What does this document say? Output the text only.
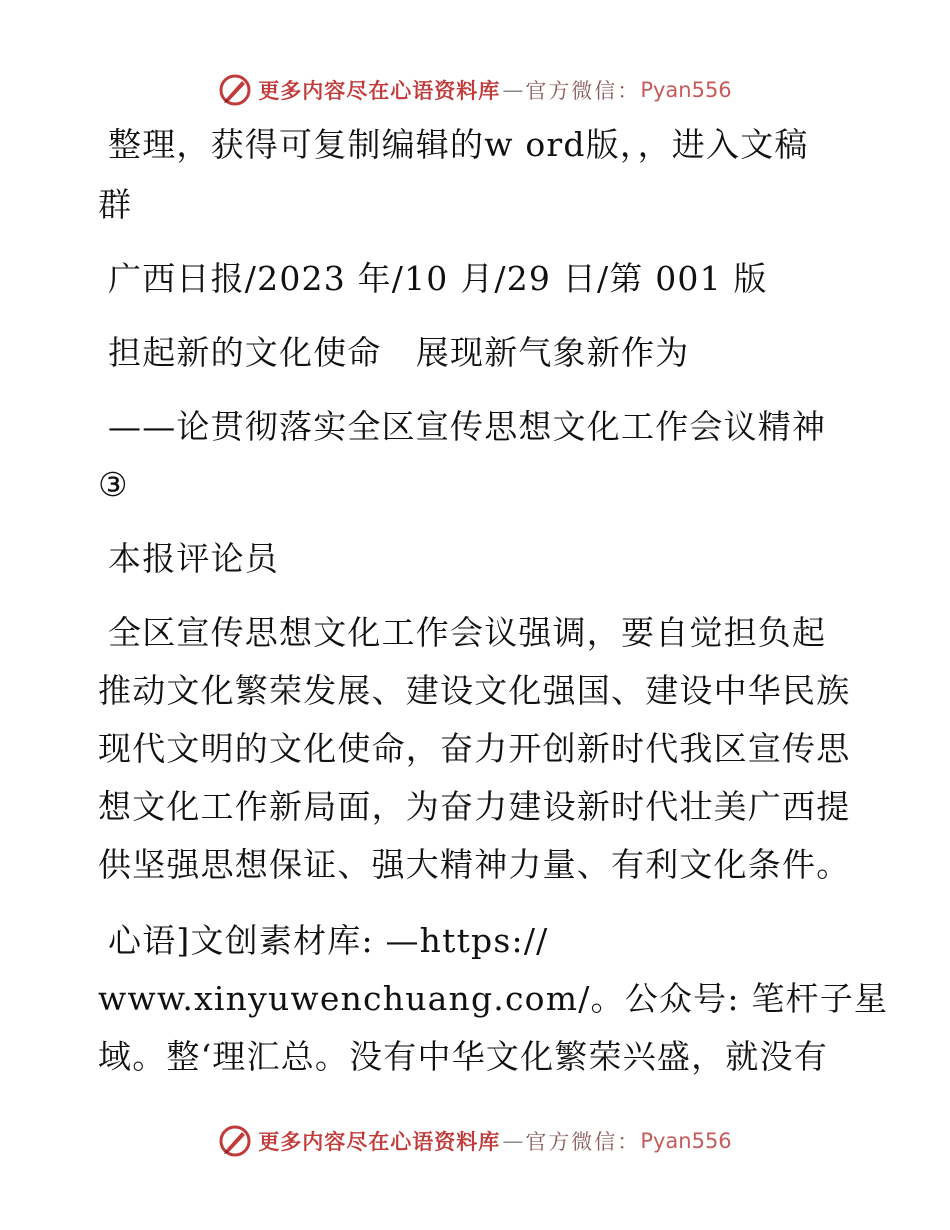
更多内容尽在心语资料库 — 官方微信： Pyan556
整理，获得可复制编辑的w ord版，，进入文稿
群
广西日报/2023 年/10 月/29 日/第 001 版
担起新的文化使命　展现新气象新作为
——论贯彻落实全区宣传思想文化工作会议精神
③
本报评论员
全区宣传思想文化工作会议强调，要自觉担负起
推动文化繁荣发展、建设文化强国、建设中华民族
现代文明的文化使命，奋力开创新时代我区宣传思
想文化工作新局面，为奋力建设新时代壮美广西提
供坚强思想保证、强大精神力量、有利文化条件。
心语]文创素材库: —https://
www.xinyuwenchuang.com/。公众号: 笔杆子星
域。整‘理汇总。没有中华文化繁荣兴盛，就没有
更多内容尽在心语资料库 — 官方微信： Pyan556
